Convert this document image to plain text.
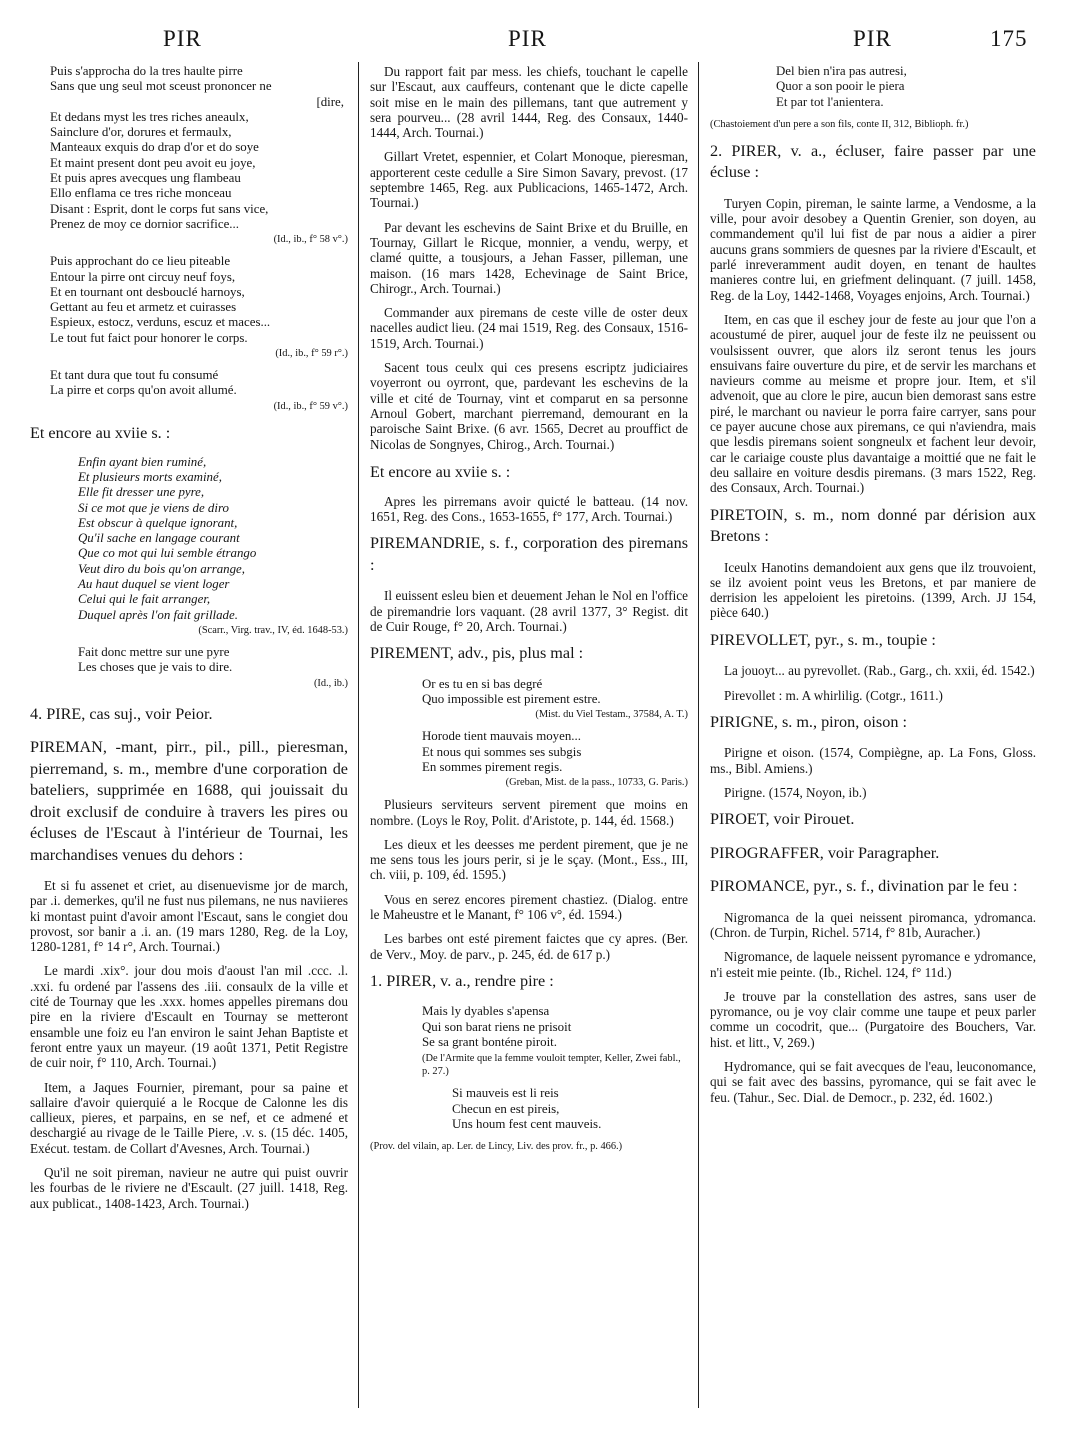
PIR	PIR	PIR	175

Puis s'approcha do la tres haulte pirre

Sans que ung seul mot sceust prononcer ne

[dire,

Et dedans myst les tres riches aneaulx,

Sainclure d'or, dorures et fermaulx,

Manteaux exquis do drap d'or et do soye

Et maint present dont peu avoit eu joye,

Et puis apres avecques ung flambeau

Ello enflama ce tres riche monceau

Disant : Esprit, dont le corps fut sans vice,

Prenez de moy ce dornior sacrifice...

(Id., ib., f° 58 v°.)

Puis approchant do ce lieu piteable

Entour la pirre ont circuy neuf foys,

Et en tournant ont desbouclé harnoys,

Gettant au feu et armetz et cuirasses

Espieux, estocz, verduns, escuz et maces...

Le tout fut faict pour honorer le corps.

(Id., ib., f° 59 r°.)

Et tant dura que tout fu consumé

La pirre et corps qu'on avoit allumé.

(Id., ib., f° 59 v°.)
Et encore au xviie s. :

Enfin ayant bien ruminé,

Et plusieurs morts examiné,

Elle fit dresser une pyre,

Si ce mot que je viens de diro

Est obscur à quelque ignorant,

Qu'il sache en langage courant

Que co mot qui lui semble étrango

Veut diro du bois qu'on arrange,

Au haut duquel se vient loger

Celui qui le fait arranger,

Duquel après l'on fait grillade.

(Scarr., Virg. trav., IV, éd. 1648-53.)

Fait donc mettre sur une pyre

Les choses que je vais to dire.

(Id., ib.)
4. PIRE, cas suj., voir Peior.
PIREMAN, -mant, pirr., pil., pill., pieresman, pierremand, s. m., membre d'une corporation de bateliers, supprimée en 1688, qui jouissait du droit exclusif de conduire à travers les pires ou écluses de l'Escaut à l'intérieur de Tournai, les marchandises venues du dehors :
Et si fu assenet et criet, au disenuevisme jor de march, par .i. demerkes, qu'il ne fust nus pilemans, ne nus naviieres ki montast puint d'avoir amont l'Escaut, sans le congiet dou provost, sor banir a .i. an. (19 mars 1280, Reg. de la Loy, 1280-1281, f° 14 r°, Arch. Tournai.)
Le mardi .xix°. jour dou mois d'aoust l'an mil .ccc. .l. .xxi. fu ordené par l'assens des .iii. consaulx de la ville et cité de Tournay que les .xxx. homes appelles piremans dou pire en la riviere d'Escault en Tournay se metteront ensamble une foiz eu l'an environ le saint Jehan Baptiste et feront entre yaux un mayeur. (19 août 1371, Petit Registre de cuir noir, f° 110, Arch. Tournai.)
Item, a Jaques Fournier, piremant, pour sa paine et sallaire d'avoir quierquié a le Rocque de Calonne les dis callieux, pieres, et parpains, en se nef, et ce admené et deschargié au rivage de le Taille Piere, .v. s. (15 déc. 1405, Exécut. testam. de Collart d'Avesnes, Arch. Tournai.)
Qu'il ne soit pireman, navieur ne autre qui puist ouvrir les fourbas de le riviere ne d'Escault. (27 juill. 1418, Reg. aux publicat., 1408-1423, Arch. Tournai.)
Du rapport fait par mess. les chiefs, touchant le capelle sur l'Escaut, aux cauffeurs, contenant que le dicte capelle soit mise en le main des pillemans, tant que autrement y sera pourveu... (28 avril 1444, Reg. des Consaux, 1440-1444, Arch. Tournai.)
Gillart Vretet, espennier, et Colart Monoque, pieresman, apporterent ceste cedulle a Sire Simon Savary, prevost. (17 septembre 1465, Reg. aux Publicacions, 1465-1472, Arch. Tournai.)
Par devant les eschevins de Saint Brixe et du Bruille, en Tournay, Gillart le Ricque, monnier, a vendu, werpy, et clamé quitte, a tousjours, a Jehan Fasser, pilleman, une maison. (16 mars 1428, Echevinage de Saint Brice, Chirogr., Arch. Tournai.)
Commander aux piremans de ceste ville de oster deux nacelles audict lieu. (24 mai 1519, Reg. des Consaux, 1516-1519, Arch. Tournai.)
Sacent tous ceulx qui ces presens escriptz judiciaires voyerront ou oyrront, que, pardevant les eschevins de la ville et cité de Tournay, vint et comparut en sa personne Arnoul Gobert, marchant pierremand, demourant en la paroische Saint Brixe. (6 avr. 1565, Decret au prouffict de Nicolas de Songnyes, Chirog., Arch. Tournai.)
Et encore au xviie s. :
Apres les pirremans avoir quicté le batteau. (14 nov. 1651, Reg. des Cons., 1653-1655, f° 177, Arch. Tournai.)
PIREMANDRIE, s. f., corporation des piremans :
Il euissent esleu bien et deuement Jehan le Nol en l'office de piremandrie lors vaquant. (28 avril 1377, 3° Regist. dit de Cuir Rouge, f° 20, Arch. Tournai.)
PIREMENT, adv., pis, plus mal :

Or es tu en si bas degré

Quo impossible est pirement estre.

(Mist. du Viel Testam., 37584, A. T.)

Horode tient mauvais moyen...

Et nous qui sommes ses subgis

En sommes pirement regis.

(Greban, Mist. de la pass., 10733, G. Paris.)
Plusieurs serviteurs servent pirement que moins en nombre. (Loys le Roy, Polit. d'Aristote, p. 144, éd. 1568.)
Les dieux et les deesses me perdent pirement, que je ne me sens tous les jours perir, si je le sçay. (Mont., Ess., III, ch. viii, p. 109, éd. 1595.)
Vous en serez encores pirement chastiez. (Dialog. entre le Maheustre et le Manant, f° 106 v°, éd. 1594.)
Les barbes ont esté pirement faictes que cy apres. (Ber. de Verv., Moy. de parv., p. 245, éd. de 617 p.)
1. PIRER, v. a., rendre pire :

Mais ly dyables s'apensa

Qui son barat riens ne prisoit

Se sa grant bonténe piroit.

(De l'Armite que la femme vouloit tempter, Keller, Zwei fabl., p. 27.)

Si mauveis est li reis

Checun en est pireis,

Uns houm fest cent mauveis.

(Prov. del vilain, ap. Ler. de Lincy, Liv. des prov. fr., p. 466.)

Del bien n'ira pas autresi,

Quor a son pooir le piera

Et par tot l'anientera.

(Chastoiement d'un pere a son fils, conte II, 312, Biblioph. fr.)
2. PIRER, v. a., écluser, faire passer par une écluse :
Turyen Copin, pireman, le sainte larme, a Vendosme, a la ville, pour avoir desobey a Quentin Grenier, son doyen, au commandement qu'il lui fist de par nous a aidier a pirer aucuns grans sommiers de quesnes par la riviere d'Escault, et parlé inreveramment audit doyen, en tenant de haultes manieres contre lui, en griefment delinquant. (7 juill. 1458, Reg. de la Loy, 1442-1468, Voyages enjoins, Arch. Tournai.)
Item, en cas que il eschey jour de feste au jour que l'on a acoustumé de pirer, auquel jour de feste ilz ne peuissent ou voulsissent ouvrer, que alors ilz seront tenus les jours ensuivans faire ouverture du pire, et de servir les marchans et navieurs comme au meisme et propre jour. Item, et s'il advenoit, que au clore le pire, aucun bien demorast sans estre piré, le marchant ou navieur le porra faire carryer, sans pour ce payer aucune chose aux piremans, ce qui n'aviendra, mais que lesdis piremans soient songneulx et fachent leur devoir, car le cariaige couste plus davantaige a moittié que ne fait le deu sallaire en voiture desdis piremans. (3 mars 1522, Reg. des Consaux, Arch. Tournai.)
PIRETOIN, s. m., nom donné par dérision aux Bretons :
Iceulx Hanotins demandoient aux gens que ilz trouvoient, se ilz avoient point veus les Bretons, et par maniere de derrision les appeloient les piretoins. (1399, Arch. JJ 154, pièce 640.)
PIREVOLLET, pyr., s. m., toupie :
La jouoyt... au pyrevollet. (Rab., Garg., ch. xxii, éd. 1542.)
Pirevollet : m. A whirlilig. (Cotgr., 1611.)
PIRIGNE, s. m., piron, oison :
Pirigne et oison. (1574, Compiègne, ap. La Fons, Gloss. ms., Bibl. Amiens.)
Pirigne. (1574, Noyon, ib.)
PIROET, voir Pirouet.
PIROGRAFFER, voir Paragrapher.
PIROMANCE, pyr., s. f., divination par le feu :
Nigromanca de la quei neissent piromanca, ydromanca. (Chron. de Turpin, Richel. 5714, f° 81b, Auracher.)
Nigromance, de laquele neissent pyromance e ydromance, n'i esteit mie peinte. (Ib., Richel. 124, f° 11d.)
Je trouve par la constellation des astres, sans user de pyromance, ou je voy clair comme une taupe et peux parler comme un cocodrit, que... (Purgatoire des Bouchers, Var. hist. et litt., V, 269.)
Hydromance, qui se fait avecques de l'eau, leuconomance, qui se fait avec des bassins, pyromance, qui se fait avec le feu. (Tahur., Sec. Dial. de Democr., p. 232, éd. 1602.)
